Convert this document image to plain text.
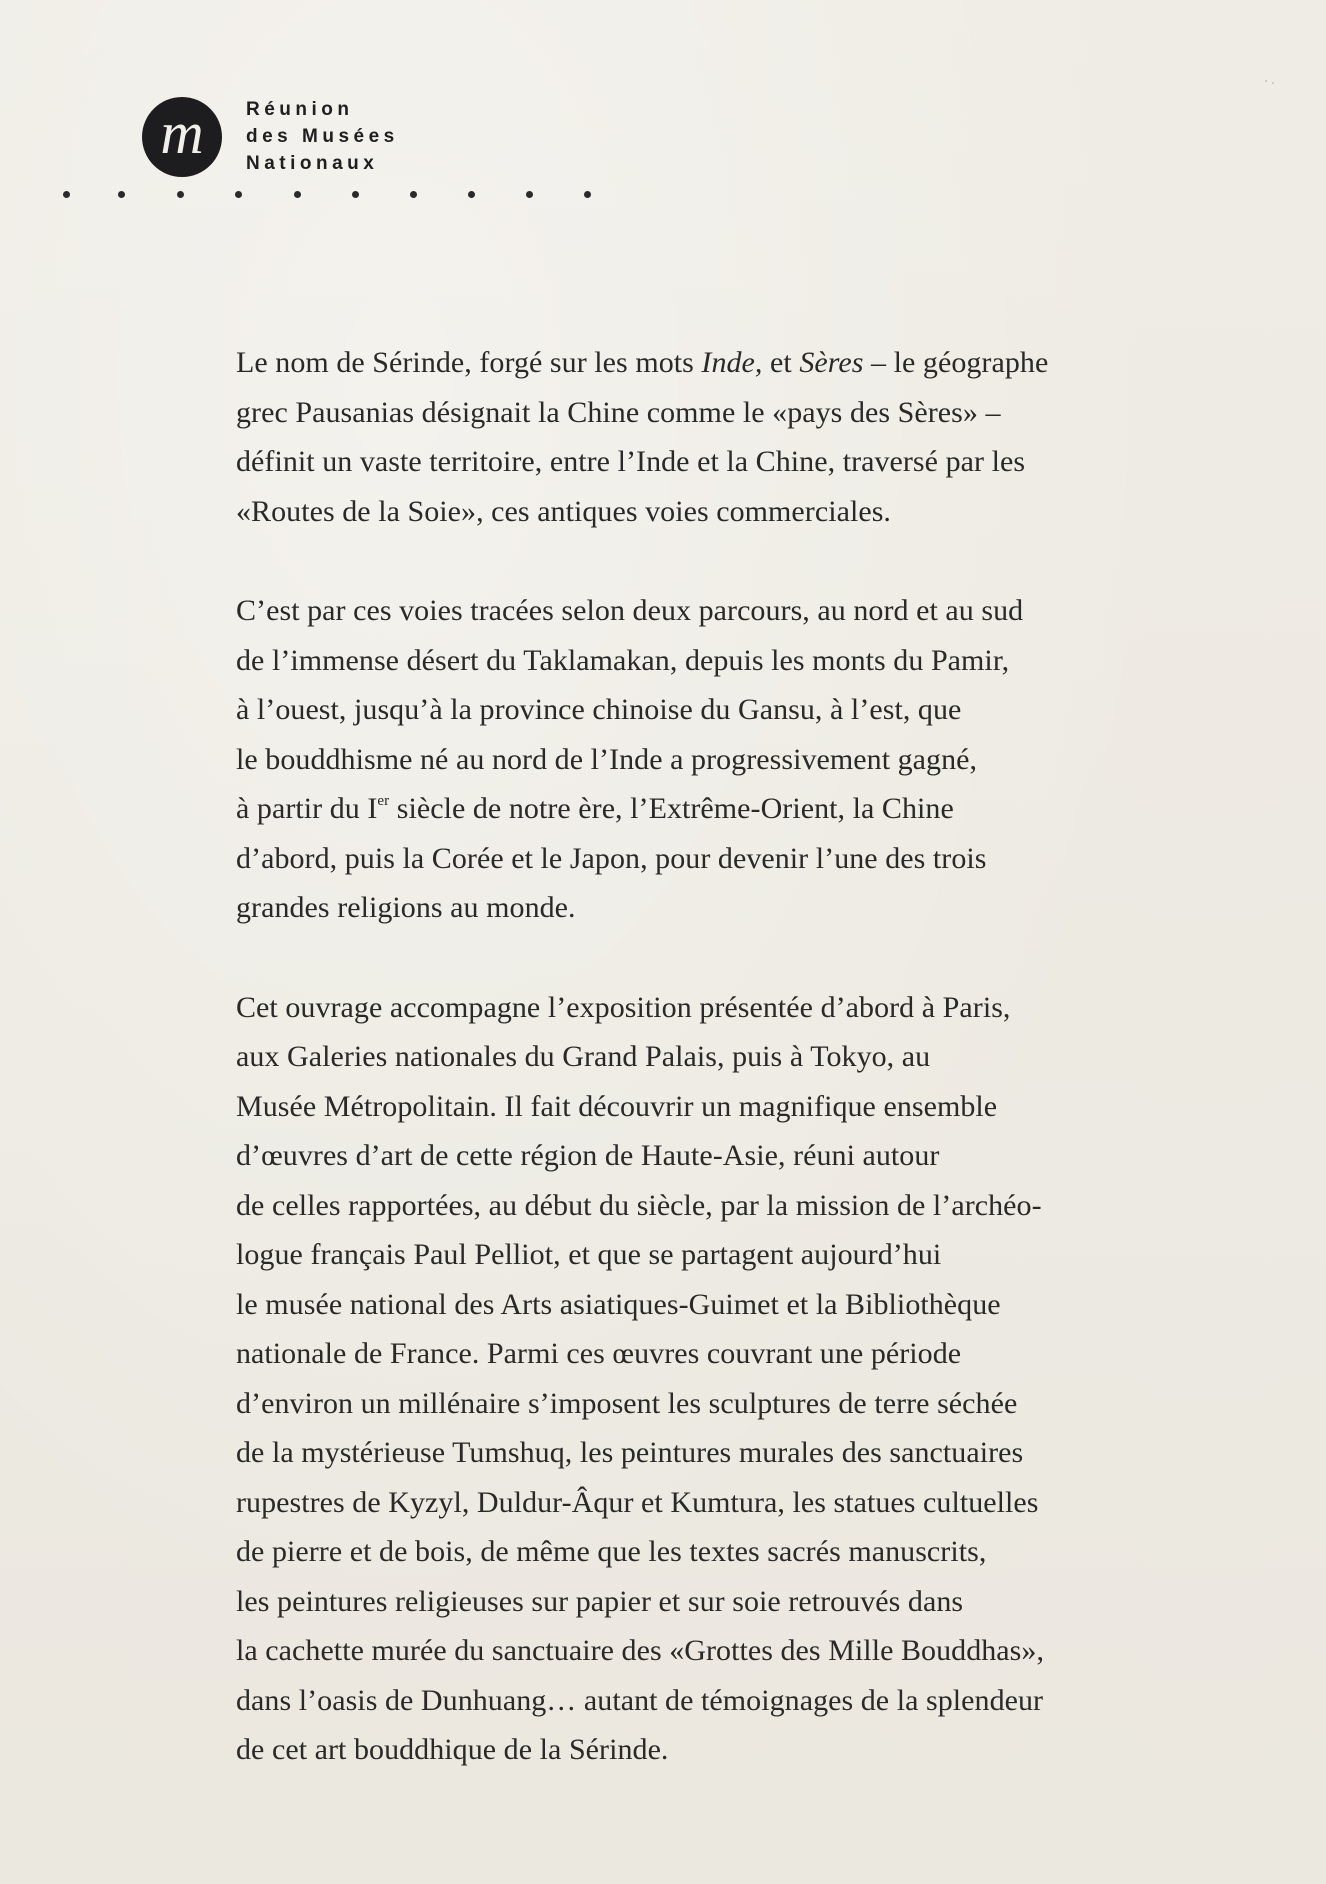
m Réunion
des Musées
Nationaux
Le nom de Sérinde, forgé sur les mots Inde, et Sères – le géographe
grec Pausanias désignait la Chine comme le «pays des Sères» –
définit un vaste territoire, entre l’Inde et la Chine, traversé par les
«Routes de la Soie», ces antiques voies commerciales.
C’est par ces voies tracées selon deux parcours, au nord et au sud
de l’immense désert du Taklamakan, depuis les monts du Pamir,
à l’ouest, jusqu’à la province chinoise du Gansu, à l’est, que
le bouddhisme né au nord de l’Inde a progressivement gagné,
à partir du Ier siècle de notre ère, l’Extrême-Orient, la Chine
d’abord, puis la Corée et le Japon, pour devenir l’une des trois
grandes religions au monde.
Cet ouvrage accompagne l’exposition présentée d’abord à Paris,
aux Galeries nationales du Grand Palais, puis à Tokyo, au
Musée Métropolitain. Il fait découvrir un magnifique ensemble
d’œuvres d’art de cette région de Haute-Asie, réuni autour
de celles rapportées, au début du siècle, par la mission de l’archéo-
logue français Paul Pelliot, et que se partagent aujourd’hui
le musée national des Arts asiatiques-Guimet et la Bibliothèque
nationale de France. Parmi ces œuvres couvrant une période
d’environ un millénaire s’imposent les sculptures de terre séchée
de la mystérieuse Tumshuq, les peintures murales des sanctuaires
rupestres de Kyzyl, Duldur-Âqur et Kumtura, les statues cultuelles
de pierre et de bois, de même que les textes sacrés manuscrits,
les peintures religieuses sur papier et sur soie retrouvés dans
la cachette murée du sanctuaire des «Grottes des Mille Bouddhas»,
dans l’oasis de Dunhuang… autant de témoignages de la splendeur
de cet art bouddhique de la Sérinde.
